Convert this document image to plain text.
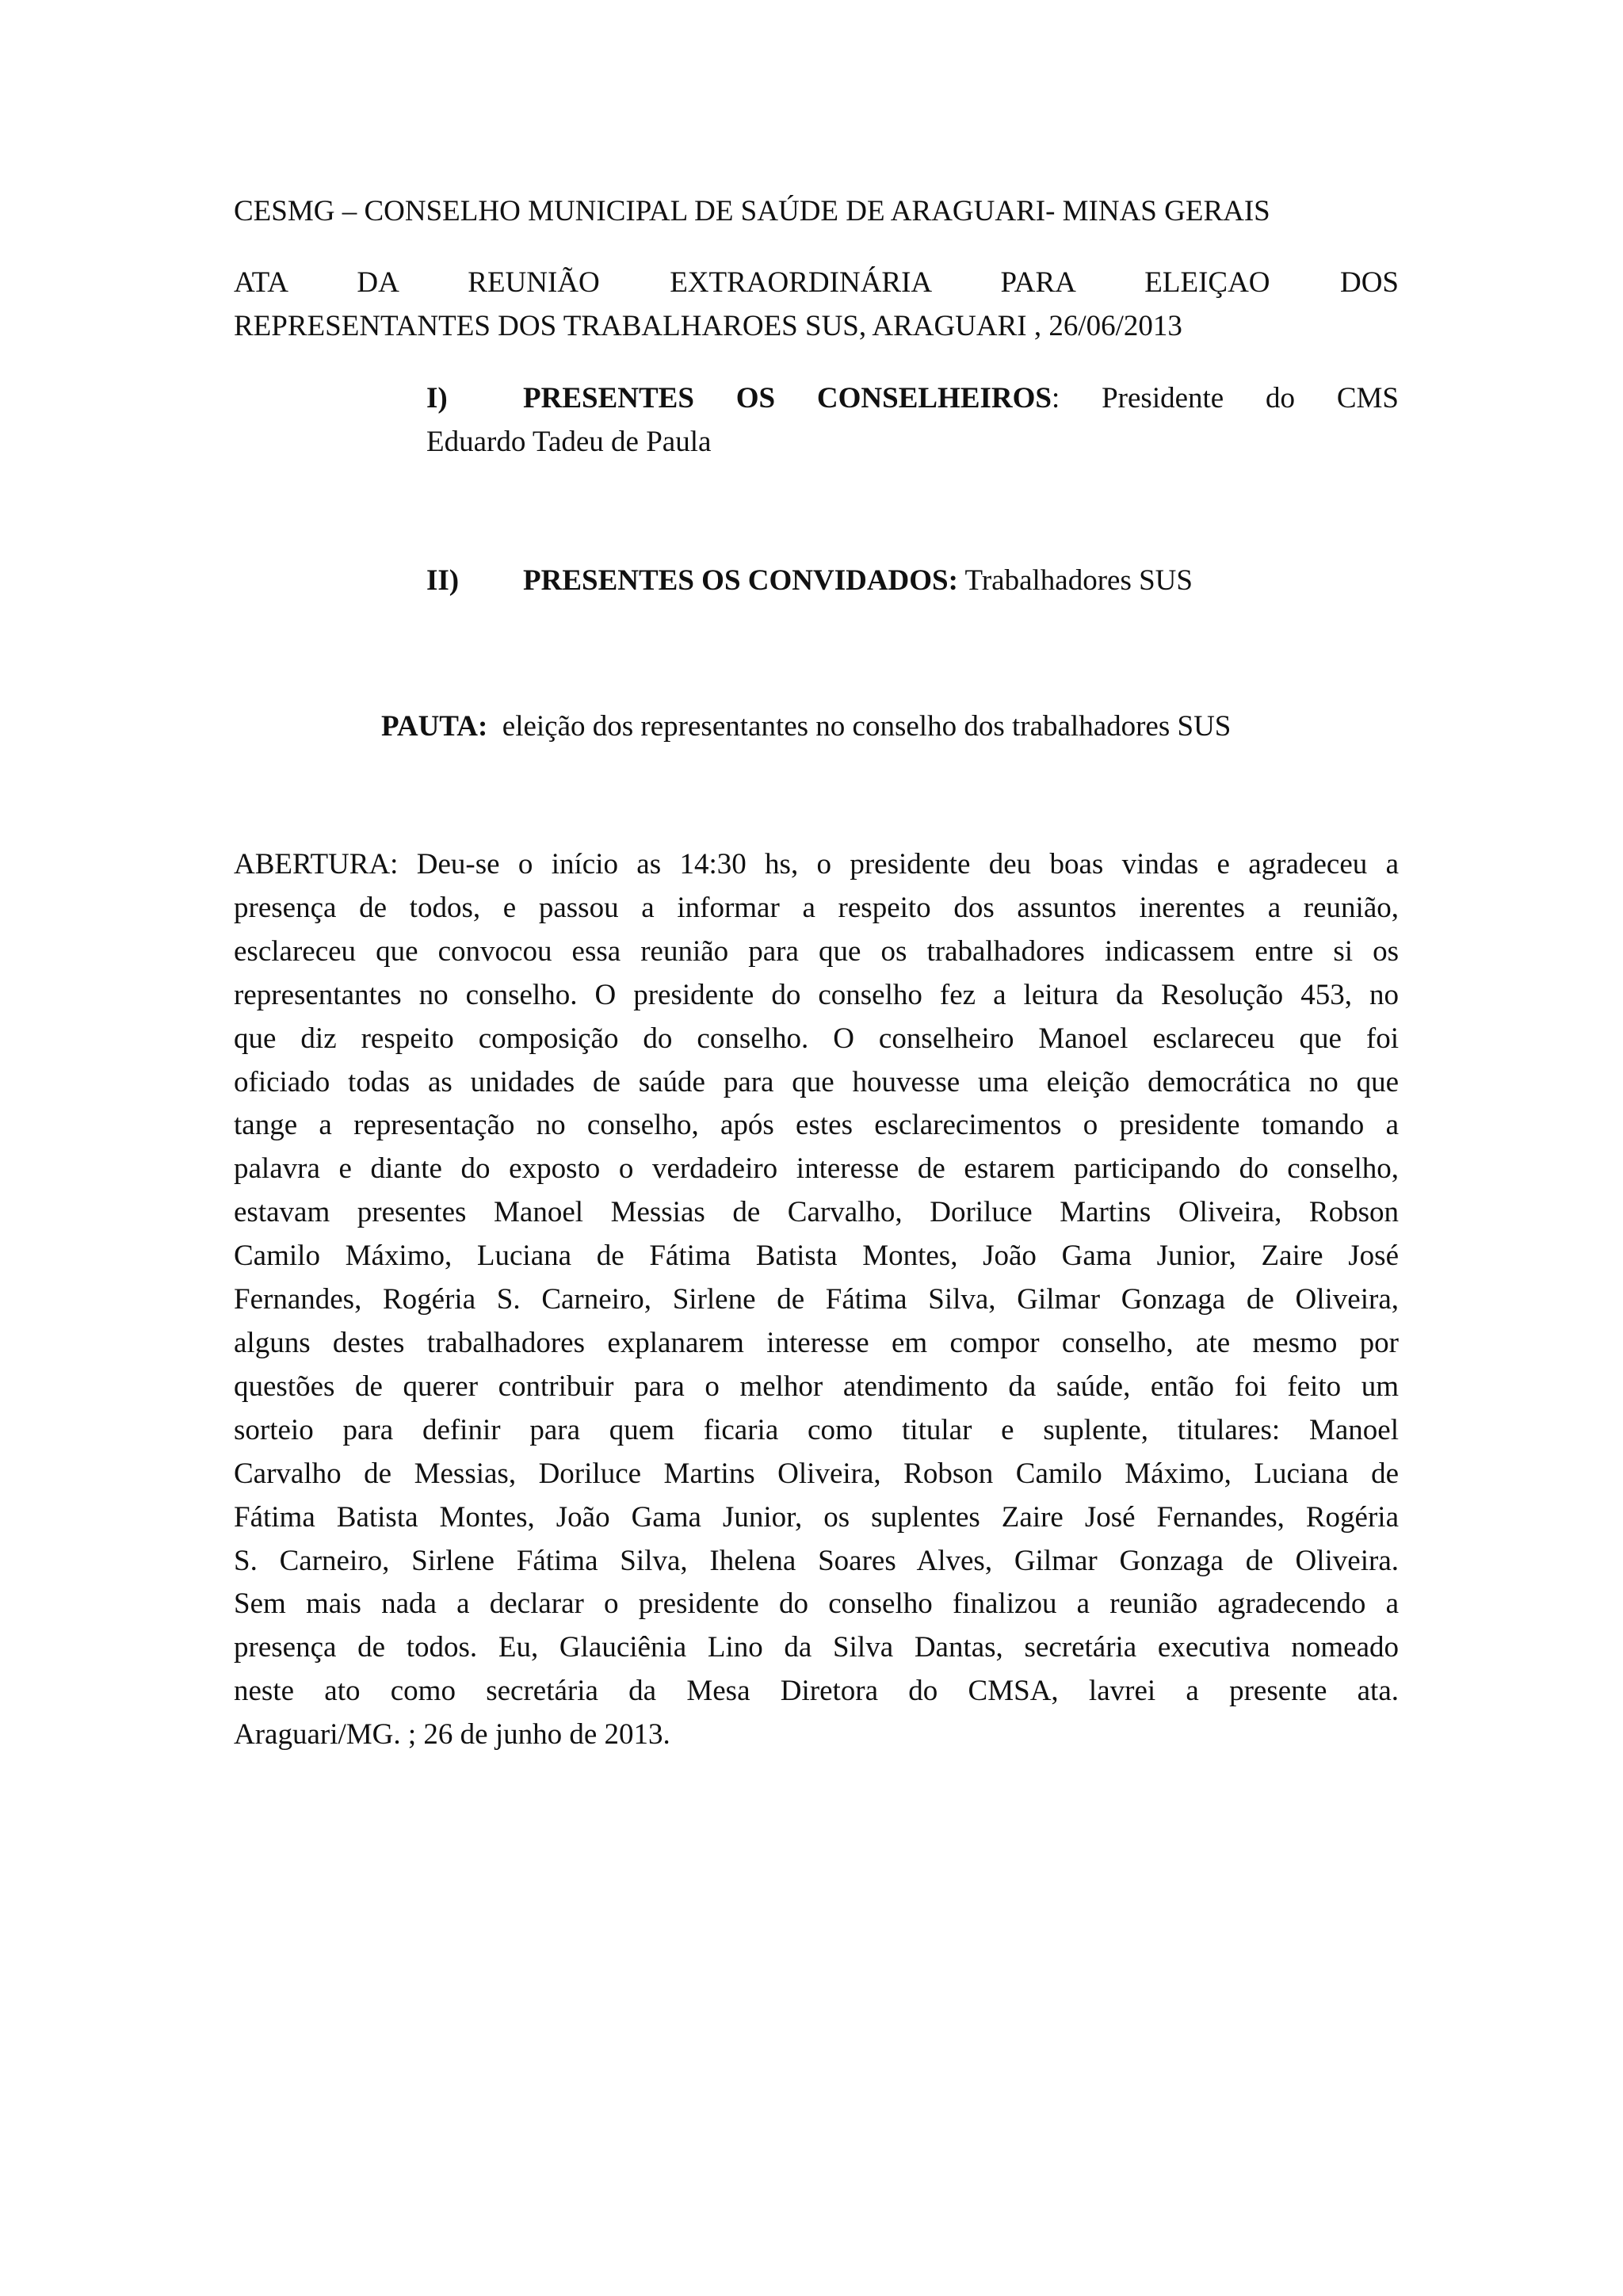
CESMG – CONSELHO MUNICIPAL DE SAÚDE DE ARAGUARI- MINAS GERAIS
ATA DA REUNIÃO EXTRAORDINÁRIA PARA ELEIÇAO DOS
REPRESENTANTES DOS TRABALHAROES SUS, ARAGUARI , 26/06/2013
I)	PRESENTES OS CONSELHEIROS: Presidente do CMS
Eduardo Tadeu de Paula
II) PRESENTES OS CONVIDADOS: Trabalhadores SUS
PAUTA:  eleição dos representantes no conselho dos trabalhadores SUS
ABERTURA: Deu-se o início as 14:30 hs, o presidente deu boas vindas e agradeceu a
presença de todos, e passou a informar a respeito dos assuntos inerentes a reunião,
esclareceu que convocou essa reunião para que os trabalhadores indicassem entre si os
representantes no conselho. O presidente do conselho fez a leitura da Resolução 453, no
que diz respeito composição do conselho. O conselheiro Manoel esclareceu que foi
oficiado todas as unidades de saúde para que houvesse uma eleição democrática no que
tange a representação no conselho, após estes esclarecimentos o presidente tomando a
palavra e diante do exposto o verdadeiro interesse de estarem participando do conselho,
estavam presentes Manoel Messias de Carvalho, Doriluce Martins Oliveira, Robson
Camilo Máximo, Luciana de Fátima Batista Montes, João Gama Junior, Zaire José
Fernandes, Rogéria S. Carneiro, Sirlene de Fátima Silva, Gilmar Gonzaga de Oliveira,
alguns destes trabalhadores explanarem interesse em compor conselho, ate mesmo por
questões de querer contribuir para o melhor atendimento da saúde, então foi feito um
sorteio para definir para quem ficaria como titular e suplente, titulares: Manoel
Carvalho de Messias, Doriluce Martins Oliveira, Robson Camilo Máximo, Luciana de
Fátima Batista Montes, João Gama Junior, os suplentes Zaire José Fernandes, Rogéria
S. Carneiro, Sirlene Fátima Silva, Ihelena Soares Alves, Gilmar Gonzaga de Oliveira.
Sem mais nada a declarar o presidente do conselho finalizou a reunião agradecendo a
presença de todos. Eu, Glauciênia Lino da Silva Dantas, secretária executiva nomeado
neste ato como secretária da Mesa Diretora do CMSA, lavrei a presente ata.
Araguari/MG. ; 26 de junho de 2013.
